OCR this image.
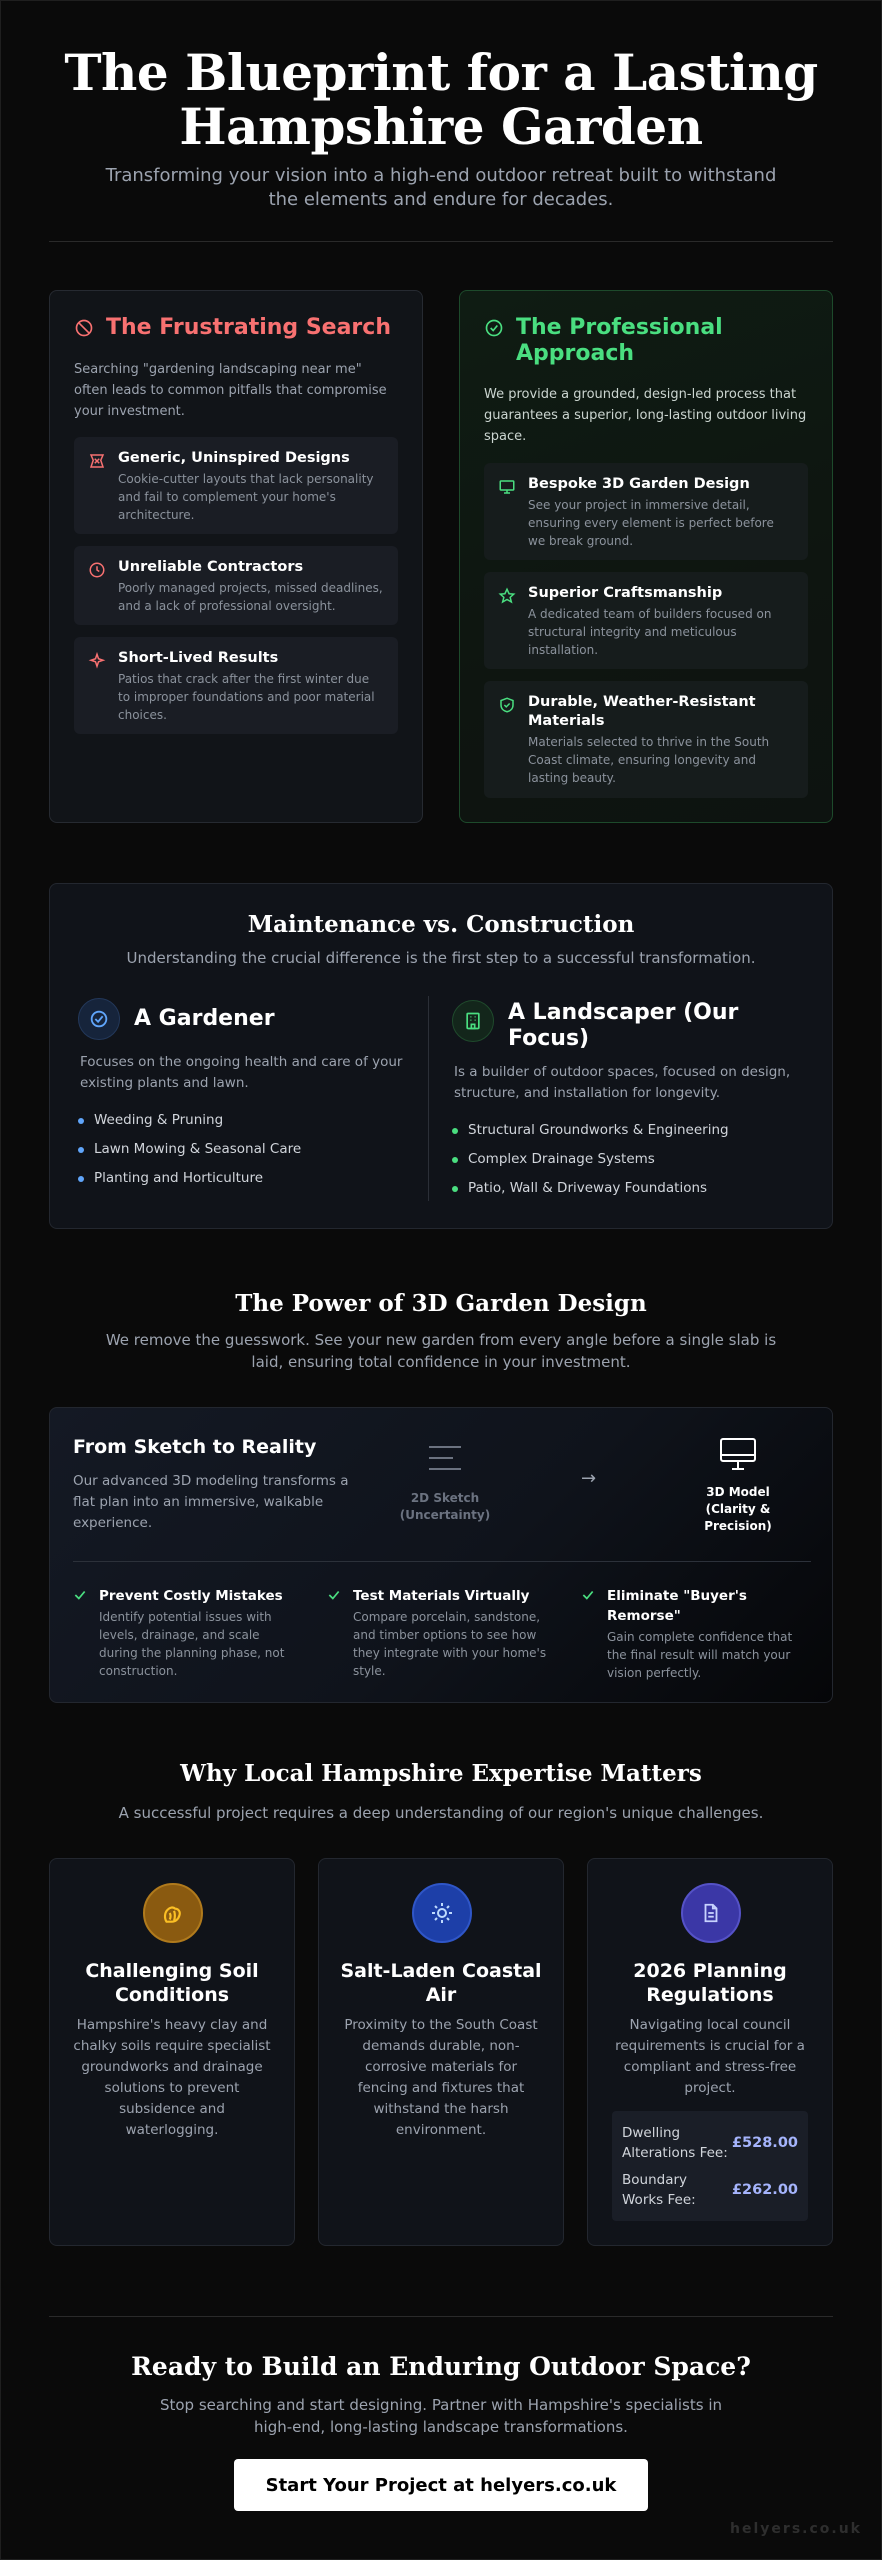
The Blueprint for a Lasting Hampshire Garden

Transforming your vision into a high-end outdoor retreat built to withstand the elements and endure for decades.

The Frustrating Search

Searching "gardening landscaping near me" often leads to common pitfalls that compromise your investment.

Generic, Uninspired Designs
Cookie-cutter layouts that lack personality and fail to complement your home's architecture.
Unreliable Contractors
Poorly managed projects, missed deadlines, and a lack of professional oversight.
Short-Lived Results
Patios that crack after the first winter due to improper foundations and poor material choices.
The Professional Approach

We provide a grounded, design-led process that guarantees a superior, long-lasting outdoor living space.

Bespoke 3D Garden Design
See your project in immersive detail, ensuring every element is perfect before we break ground.
Superior Craftsmanship
A dedicated team of builders focused on structural integrity and meticulous installation.
Durable, Weather-Resistant Materials
Materials selected to thrive in the South Coast climate, ensuring longevity and lasting beauty.
Maintenance vs. Construction

Understanding the crucial difference is the first step to a successful transformation.

A Gardener

Focuses on the ongoing health and care of your existing plants and lawn.

Weeding & Pruning
Lawn Mowing & Seasonal Care
Planting and Horticulture
A Landscaper (Our Focus)

Is a builder of outdoor spaces, focused on design, structure, and installation for longevity.

Structural Groundworks & Engineering
Complex Drainage Systems
Patio, Wall & Driveway Foundations
The Power of 3D Garden Design

We remove the guesswork. See your new garden from every angle before a single slab is laid, ensuring total confidence in your investment.

From Sketch to Reality

Our advanced 3D modeling transforms a flat plan into an immersive, walkable experience.

2D Sketch (Uncertainty)
→
3D Model (Clarity & Precision)
Prevent Costly Mistakes
Identify potential issues with levels, drainage, and scale during the planning phase, not construction.
Test Materials Virtually
Compare porcelain, sandstone, and timber options to see how they integrate with your home's style.
Eliminate "Buyer's Remorse"
Gain complete confidence that the final result will match your vision perfectly.
Why Local Hampshire Expertise Matters

A successful project requires a deep understanding of our region's unique challenges.

Challenging Soil Conditions

Hampshire's heavy clay and chalky soils require specialist groundworks and drainage solutions to prevent subsidence and waterlogging.

Salt-Laden Coastal Air

Proximity to the South Coast demands durable, non-corrosive materials for fencing and fixtures that withstand the harsh environment.

2026 Planning Regulations

Navigating local council requirements is crucial for a compliant and stress-free project.

Dwelling Alterations Fee:
£528.00
Boundary Works Fee:
£262.00
Ready to Build an Enduring Outdoor Space?

Stop searching and start designing. Partner with Hampshire's specialists in high-end, long-lasting landscape transformations.

Start Your Project at helyers.co.uk
helyers.co.uk
